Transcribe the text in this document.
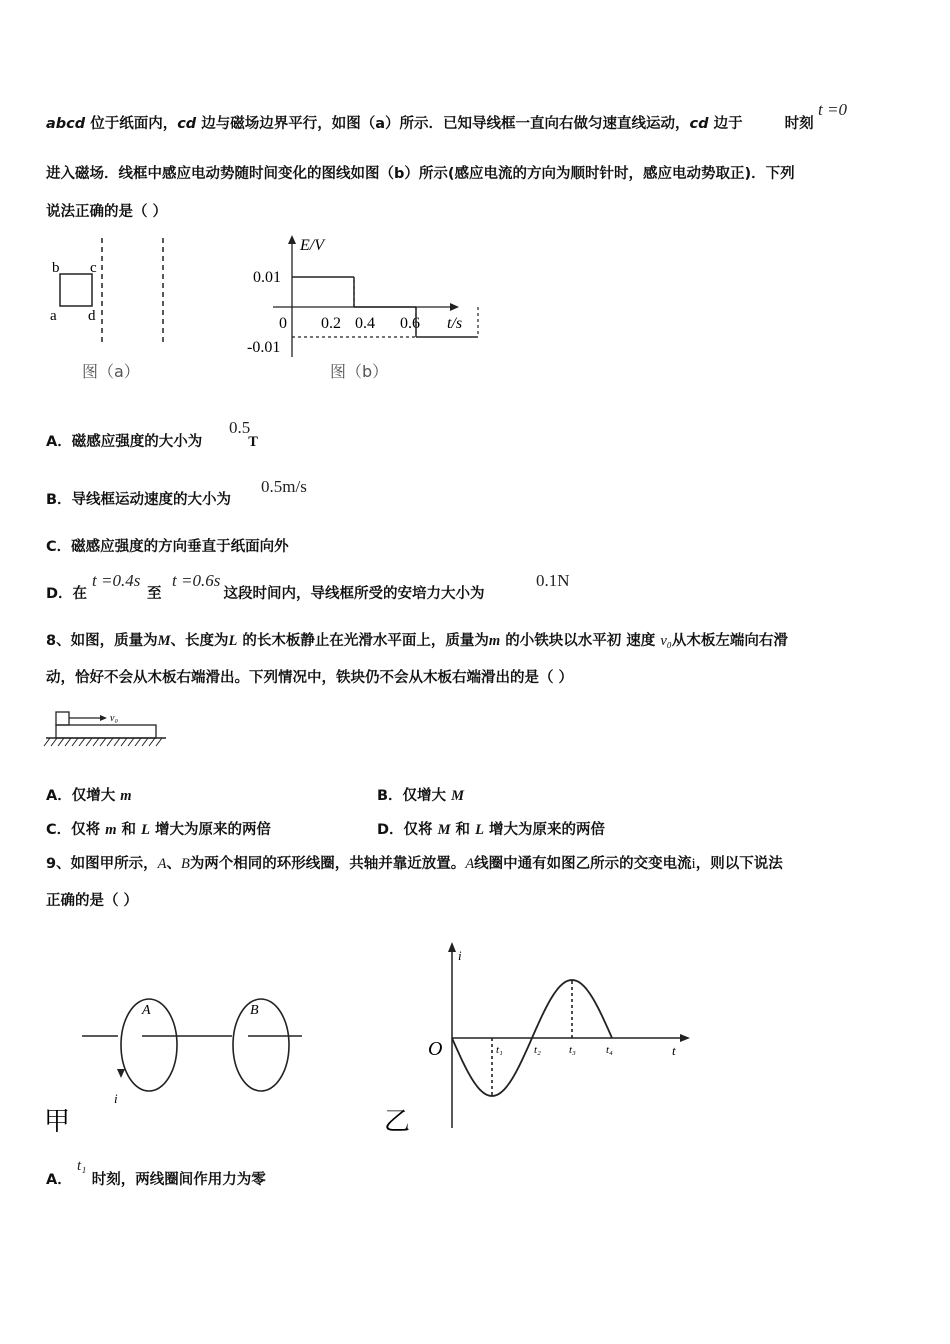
abcd 位于纸面内，cd 边与磁场边界平行，如图（a）所示．已知导线框一直向右做匀速直线运动，cd 边于	时刻
t =0
进入磁场．线框中感应电动势随时间变化的图线如图（b）所示(感应电流的方向为顺时针时，感应电动势取正)．下列
说法正确的是（ ）
b c
a d
图（a）
E/V
t/s
0
0.01
-0.01
0.2 0.4 0.6
图（b）
A．磁感应强度的大小为	T
0.5
B．导线框运动速度的大小为
0.5m/s
C．磁感应强度的方向垂直于纸面向外
D．在	至	这段时间内，导线框所受的安培力大小为
t =0.4s t =0.6s	0.1N
8、如图，质量为M、长度为L 的长木板静止在光滑水平面上，质量为m 的小铁块以水平初 速度 v₀从木板左端向右滑
动，恰好不会从木板右端滑出。下列情况中，铁块仍不会从木板右端滑出的是（ ）
v₀
A．仅增大 m	B．仅增大 M
C．仅将 m 和 L 增大为原来的两倍	D．仅将 M 和 L 增大为原来的两倍
9、如图甲所示，A、B为两个相同的环形线圈，共轴并靠近放置。A线圈中通有如图乙所示的交变电流i，则以下说法
正确的是（ ）
A	B
i
甲
i
t
O	t₁	t₂	t₃	t₄
乙
A． 时刻，两线圈间作用力为零
t₁
